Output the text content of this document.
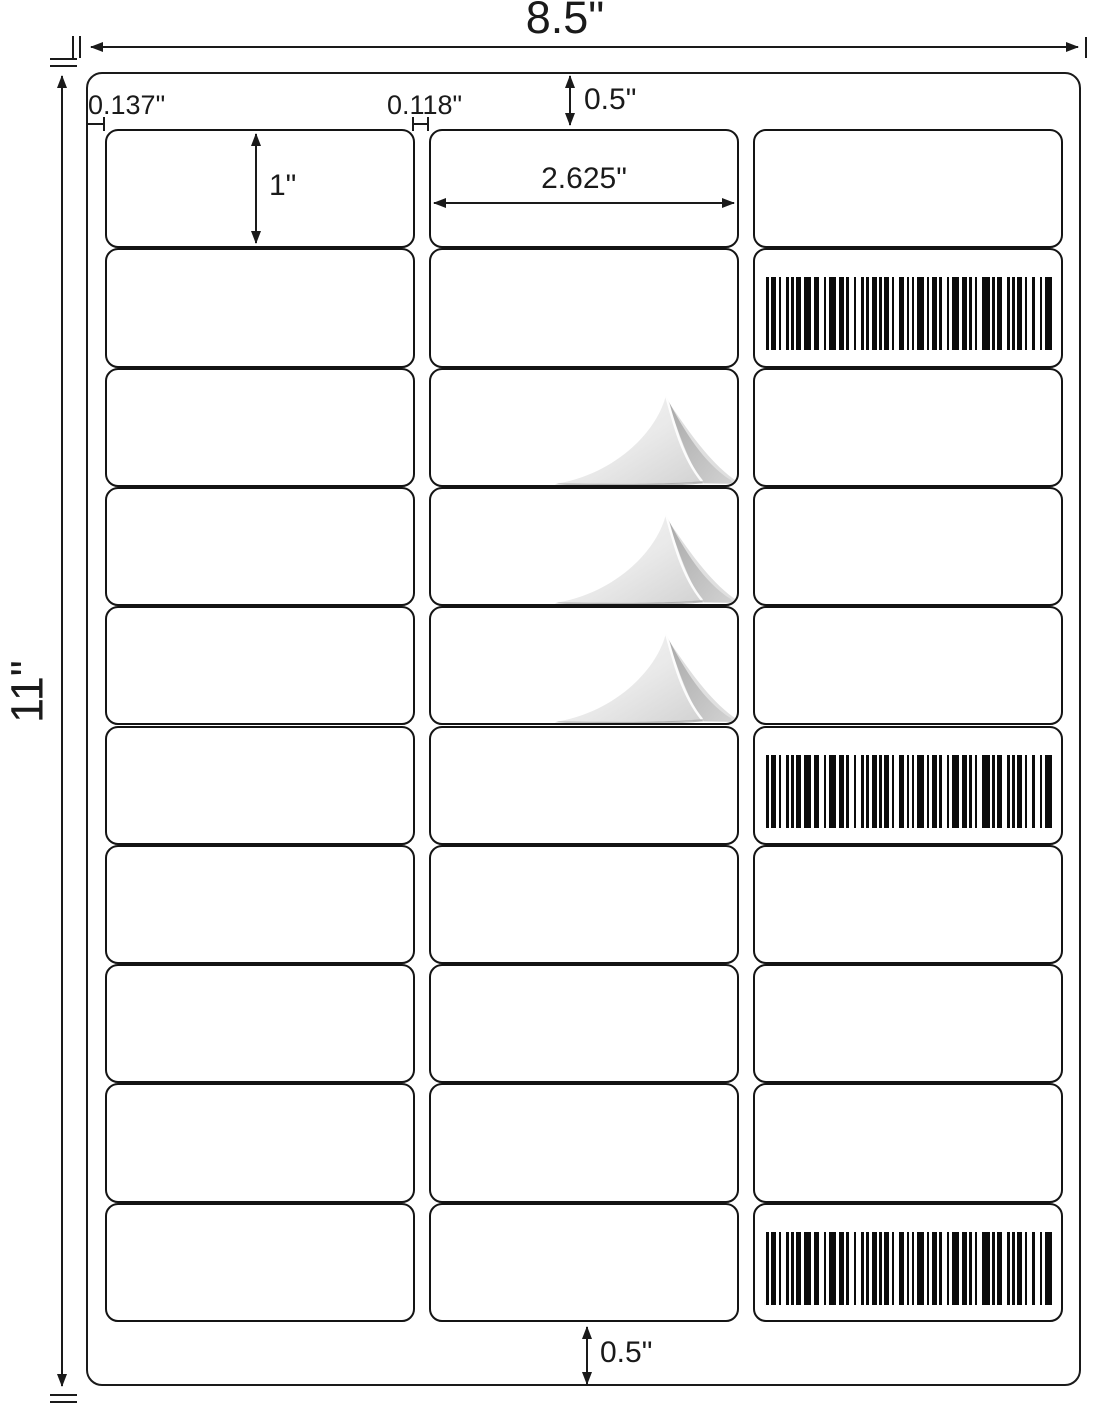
8.5"
11"
0.5"
0.137"	0.118"
1"	2.625"
0.5"
